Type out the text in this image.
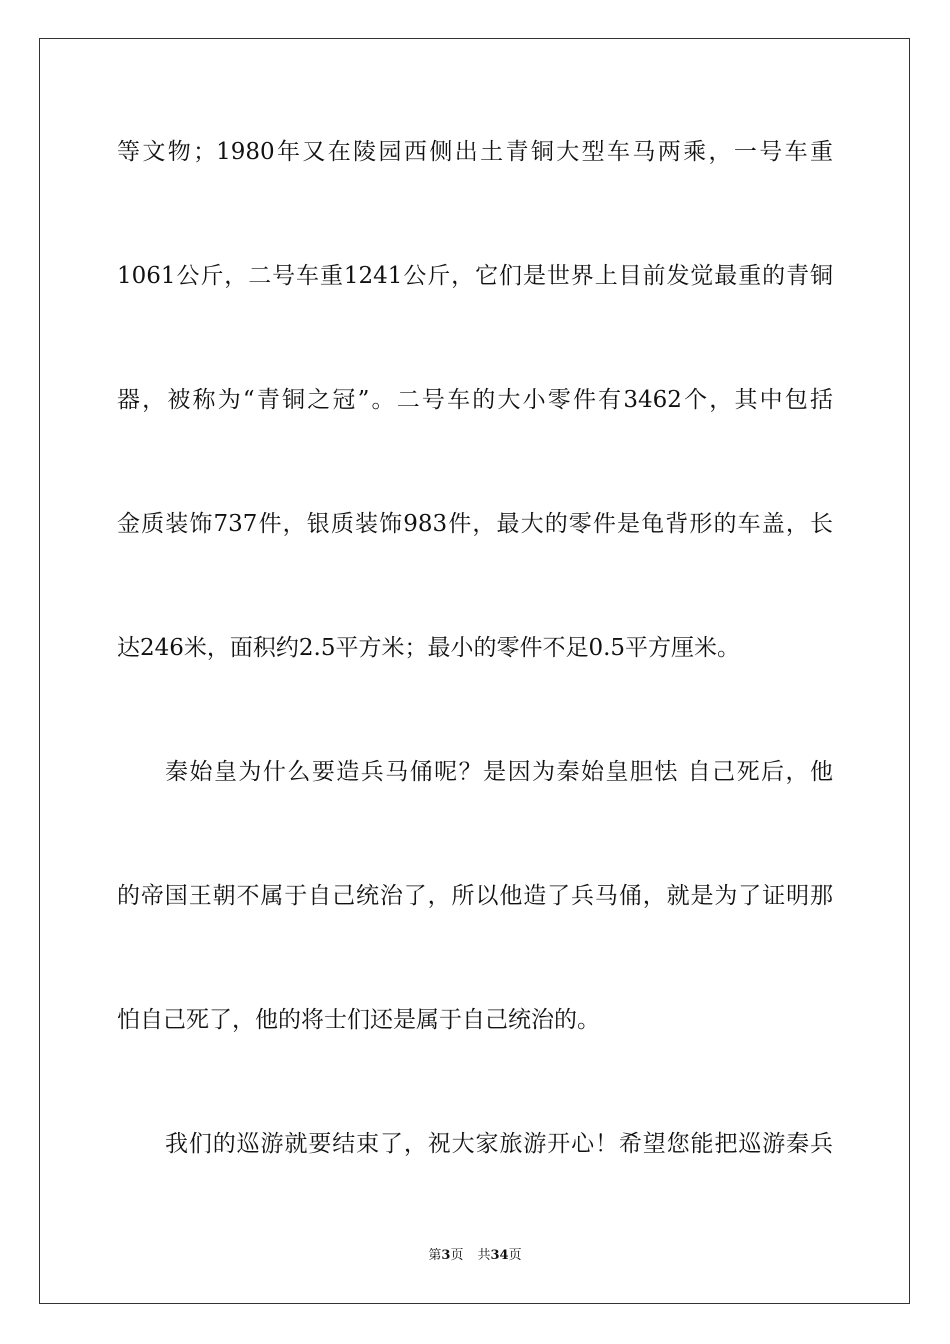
等文物；1980年又在陵园西侧出土青铜大型车马两乘，一号车重
1061公斤，二号车重1241公斤，它们是世界上目前发觉最重的青铜
器，被称为“青铜之冠”。二号车的大小零件有3462个，其中包括
金质装饰737件，银质装饰983件，最大的零件是龟背形的车盖，长
达246米，面积约2.5平方米；最小的零件不足0.5平方厘米。
秦始皇为什么要造兵马俑呢？是因为秦始皇胆怯 自己死后，他
的帝国王朝不属于自己统治了，所以他造了兵马俑，就是为了证明那
怕自己死了，他的将士们还是属于自己统治的。
我们的巡游就要结束了，祝大家旅游开心！希望您能把巡游秦兵
第3页 共34页
